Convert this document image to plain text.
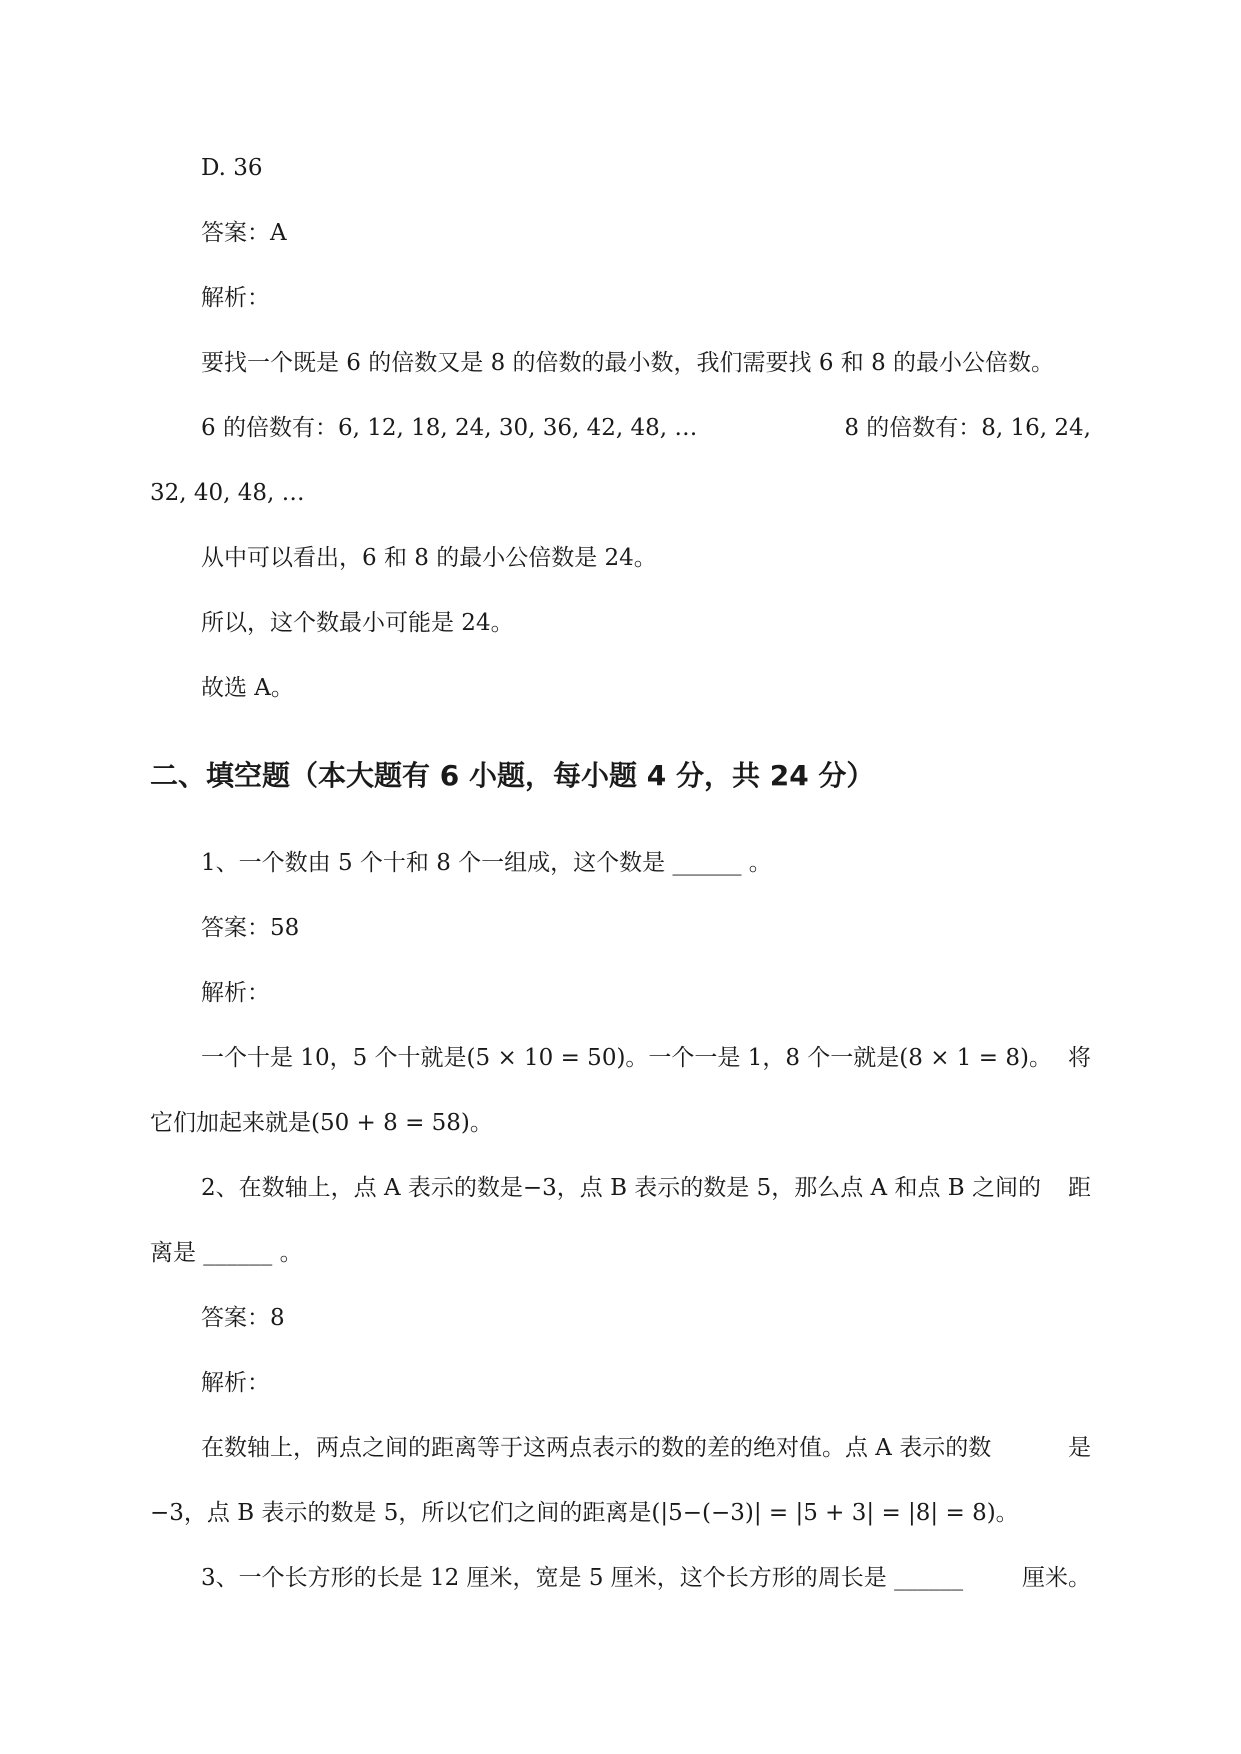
D. 36
答案：A
解析：
要找一个既是 6 的倍数又是 8 的倍数的最小数，我们需要找 6 和 8 的最小公倍数。
6 的倍数有：6, 12, 18, 24, 30, 36, 42, 48, …	8 的倍数有：8, 16, 24,
32, 40, 48, …
从中可以看出，6 和 8 的最小公倍数是 24。
所以，这个数最小可能是 24。
故选 A。
二、填空题（本大题有 6 小题，每小题 4 分，共 24 分）
1、一个数由 5 个十和 8 个一组成，这个数是 ______ 。
答案：58
解析：
一个十是 10，5 个十就是(5 × 10 = 50)。一个一是 1，8 个一就是(8 × 1 = 8)。 将
它们加起来就是(50 + 8 = 58)。
2、在数轴上，点 A 表示的数是−3，点 B 表示的数是 5，那么点 A 和点 B 之间的 距
离是 ______ 。
答案：8
解析：
在数轴上，两点之间的距离等于这两点表示的数的差的绝对值。点 A 表示的数	是
−3，点 B 表示的数是 5，所以它们之间的距离是(|5−(−3)| = |5 + 3| = |8| = 8)。
3、一个长方形的长是 12 厘米，宽是 5 厘米，这个长方形的周长是 ______	厘米。
